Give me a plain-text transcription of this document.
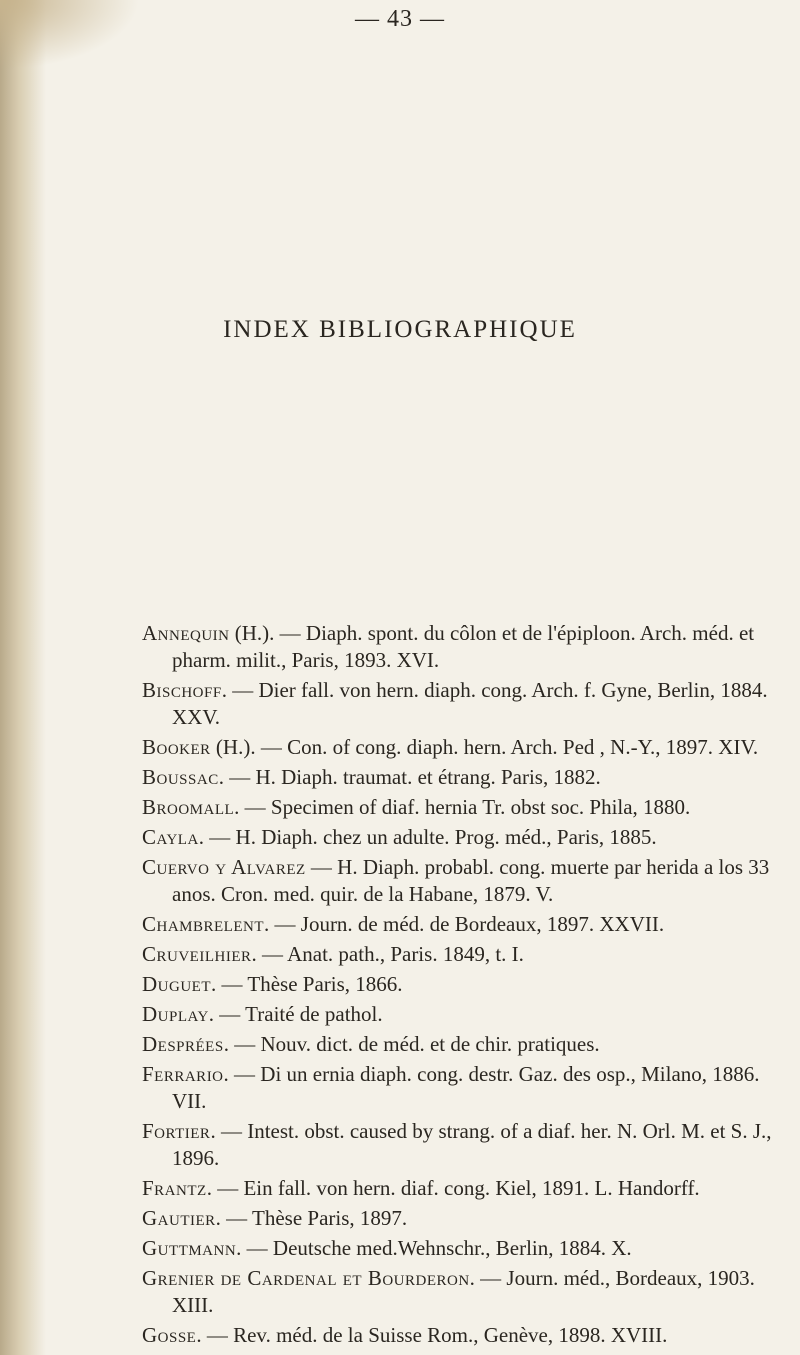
— 43 —
INDEX BIBLIOGRAPHIQUE

Annequin (H.). — Diaph. spont. du côlon et de l'épiploon. Arch. méd. et pharm. milit., Paris, 1893. XVI.

Bischoff. — Dier fall. von hern. diaph. cong. Arch. f. Gyne, Berlin, 1884. XXV.

Booker (H.). — Con. of cong. diaph. hern. Arch. Ped , N.-Y., 1897. XIV.

Boussac. — H. Diaph. traumat. et étrang. Paris, 1882.

Broomall. — Specimen of diaf. hernia Tr. obst soc. Phila, 1880.

Cayla. — H. Diaph. chez un adulte. Prog. méd., Paris, 1885.

Cuervo y Alvarez — H. Diaph. probabl. cong. muerte par herida a los 33 anos. Cron. med. quir. de la Habane, 1879. V.

Chambrelent. — Journ. de méd. de Bordeaux, 1897. XXVII.

Cruveilhier. — Anat. path., Paris. 1849, t. I.

Duguet. — Thèse Paris, 1866.

Duplay. — Traité de pathol.

Desprées. — Nouv. dict. de méd. et de chir. pratiques.

Ferrario. — Di un ernia diaph. cong. destr. Gaz. des osp., Milano, 1886. VII.

Fortier. — Intest. obst. caused by strang. of a diaf. her. N. Orl. M. et S. J., 1896.

Frantz. — Ein fall. von hern. diaf. cong. Kiel, 1891. L. Handorff.

Gautier. — Thèse Paris, 1897.

Guttmann. — Deutsche med.Wehnschr., Berlin, 1884. X.

Grenier de Cardenal et Bourderon. — Journ. méd., Bordeaux, 1903. XIII.

Gosse. — Rev. méd. de la Suisse Rom., Genève, 1898. XVIII.
